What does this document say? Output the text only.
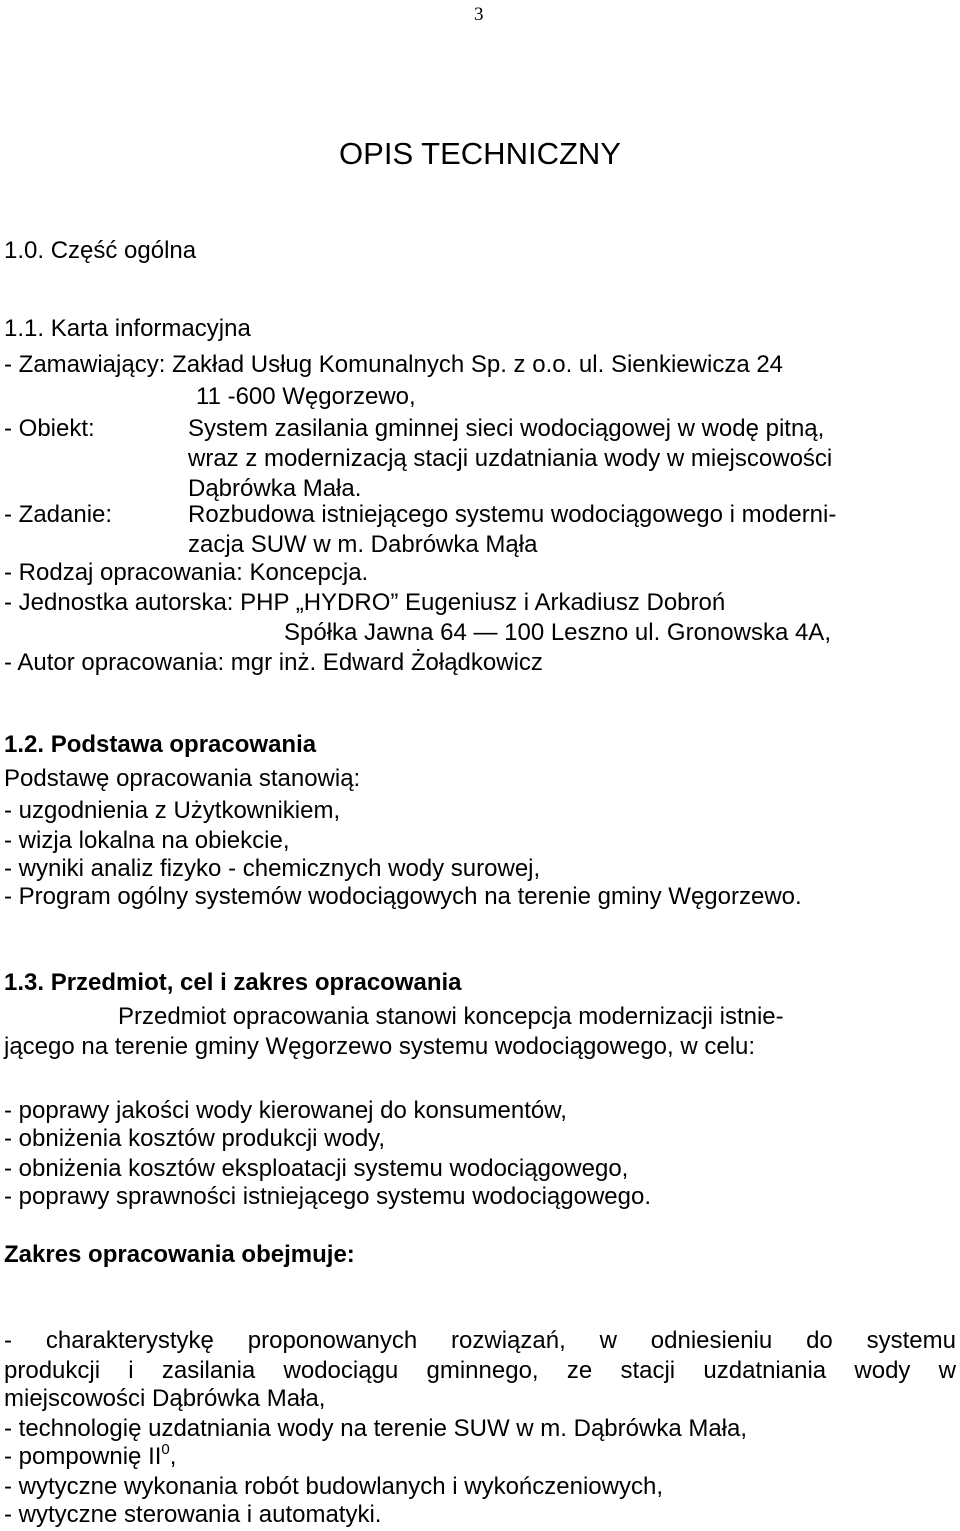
3
OPIS TECHNICZNY
1.0. Część ogólna
1.1. Karta informacyjna
- Zamawiający: Zakład Usług Komunalnych Sp. z o.o. ul. Sienkiewicza 24
11 -600 Węgorzewo,
- Obiekt:	System zasilania gminnej sieci wodociągowej w wodę pitną,
wraz z modernizacją stacji uzdatniania wody w miejscowości
Dąbrówka Mała.
- Zadanie:	Rozbudowa istniejącego systemu wodociągowego i moderni-
zacja SUW w m. Dabrówka Mąła
- Rodzaj opracowania: Koncepcja.
- Jednostka autorska: PHP „HYDRO” Eugeniusz i Arkadiusz Dobroń
Spółka Jawna 64 — 100 Leszno ul. Gronowska 4A,
- Autor opracowania: mgr inż. Edward Żołądkowicz
1.2. Podstawa opracowania
Podstawę opracowania stanowią:
- uzgodnienia z Użytkownikiem,
- wizja lokalna na obiekcie,
- wyniki analiz fizyko - chemicznych wody surowej,
- Program ogólny systemów wodociągowych na terenie gminy Węgorzewo.
1.3. Przedmiot, cel i zakres opracowania
Przedmiot opracowania stanowi koncepcja modernizacji istnie-
jącego na terenie gminy Węgorzewo systemu wodociągowego, w celu:
- poprawy jakości wody kierowanej do konsumentów,
- obniżenia kosztów produkcji wody,
- obniżenia kosztów eksploatacji systemu wodociągowego,
- poprawy sprawności istniejącego systemu wodociągowego.
Zakres opracowania obejmuje:
- charakterystykę proponowanych rozwiązań, w odniesieniu do systemu
produkcji i zasilania wodociągu gminnego, ze stacji uzdatniania wody w
miejscowości Dąbrówka Mała,
- technologię uzdatniania wody na terenie SUW w m. Dąbrówka Mała,
- pompownię $II^0$,
- wytyczne wykonania robót budowlanych i wykończeniowych,
- wytyczne sterowania i automatyki.
